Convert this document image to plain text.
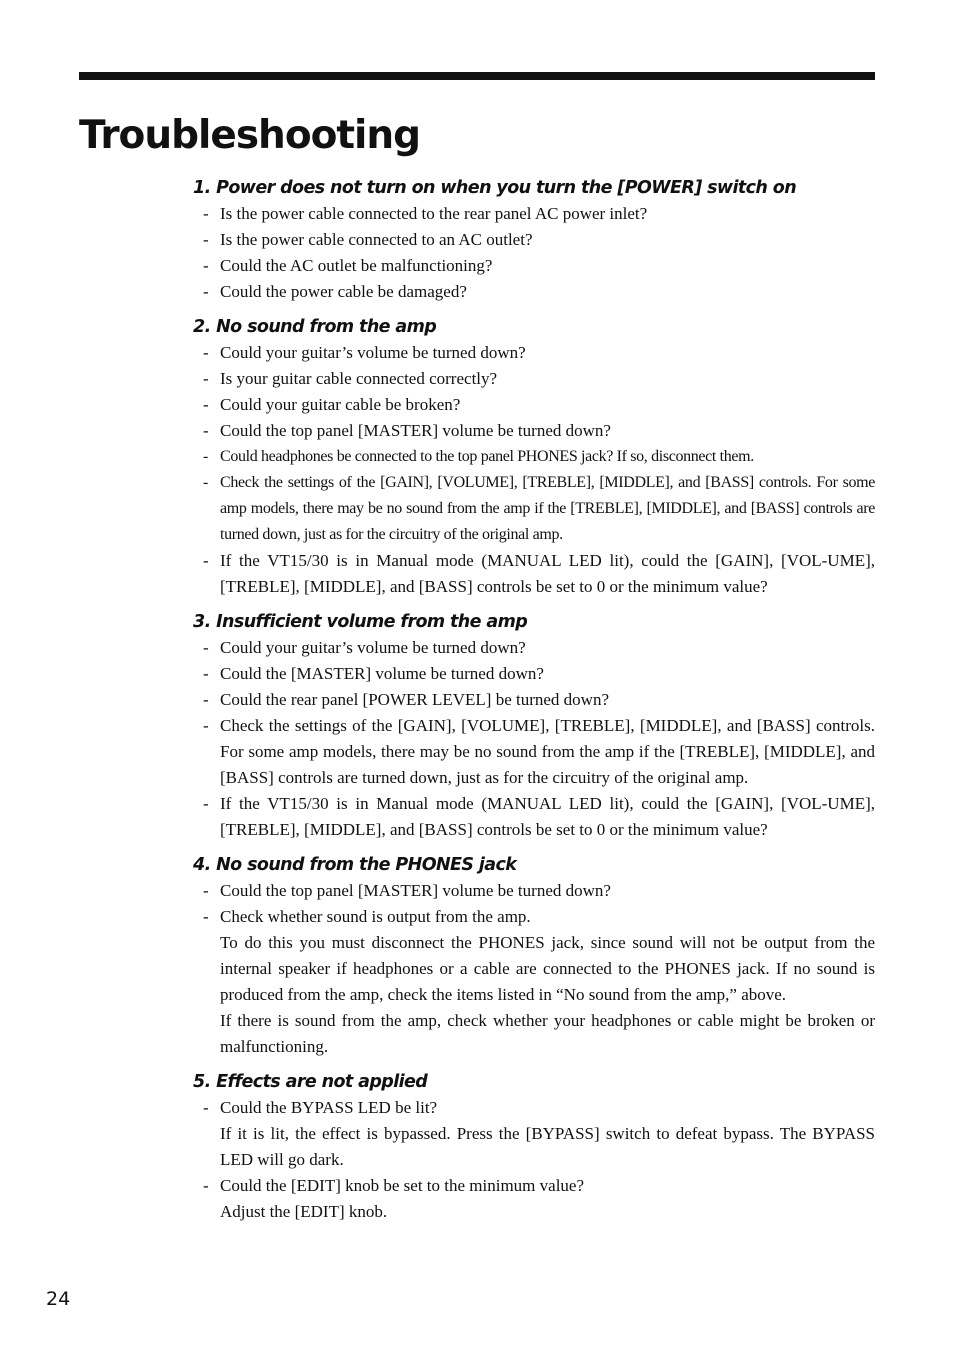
Troubleshooting
1. Power does not turn on when you turn the [POWER] switch on
- Is the power cable connected to the rear panel AC power inlet?
- Is the power cable connected to an AC outlet?
- Could the AC outlet be malfunctioning?
- Could the power cable be damaged?
2. No sound from the amp
- Could your guitar’s volume be turned down?
- Is your guitar cable connected correctly?
- Could your guitar cable be broken?
- Could the top panel [MASTER] volume be turned down?
- Could headphones be connected to the top panel PHONES jack? If so, disconnect them.
- Check the settings of the [GAIN], [VOLUME], [TREBLE], [MIDDLE], and [BASS] controls. For some amp models, there may be no sound from the amp if the [TREBLE], [MIDDLE], and [BASS] controls are turned down, just as for the circuitry of the original amp.
- If the VT15/30 is in Manual mode (MANUAL LED lit), could the [GAIN], [VOL-UME], [TREBLE], [MIDDLE], and [BASS] controls be set to 0 or the minimum value?
3. Insufficient volume from the amp
- Could your guitar’s volume be turned down?
- Could the [MASTER] volume be turned down?
- Could the rear panel [POWER LEVEL] be turned down?
- Check the settings of the [GAIN], [VOLUME], [TREBLE], [MIDDLE], and [BASS] controls. For some amp models, there may be no sound from the amp if the [TREBLE], [MIDDLE], and [BASS] controls are turned down, just as for the circuitry of the original amp.
- If the VT15/30 is in Manual mode (MANUAL LED lit), could the [GAIN], [VOL-UME], [TREBLE], [MIDDLE], and [BASS] controls be set to 0 or the minimum value?
4. No sound from the PHONES jack
- Could the top panel [MASTER] volume be turned down?
- Check whether sound is output from the amp.
To do this you must disconnect the PHONES jack, since sound will not be output from the internal speaker if headphones or a cable are connected to the PHONES jack. If no sound is produced from the amp, check the items listed in “No sound from the amp,” above.
If there is sound from the amp, check whether your headphones or cable might be broken or malfunctioning.
5. Effects are not applied
- Could the BYPASS LED be lit?
If it is lit, the effect is bypassed. Press the [BYPASS] switch to defeat bypass. The BYPASS LED will go dark.
- Could the [EDIT] knob be set to the minimum value?
Adjust the [EDIT] knob.
24
